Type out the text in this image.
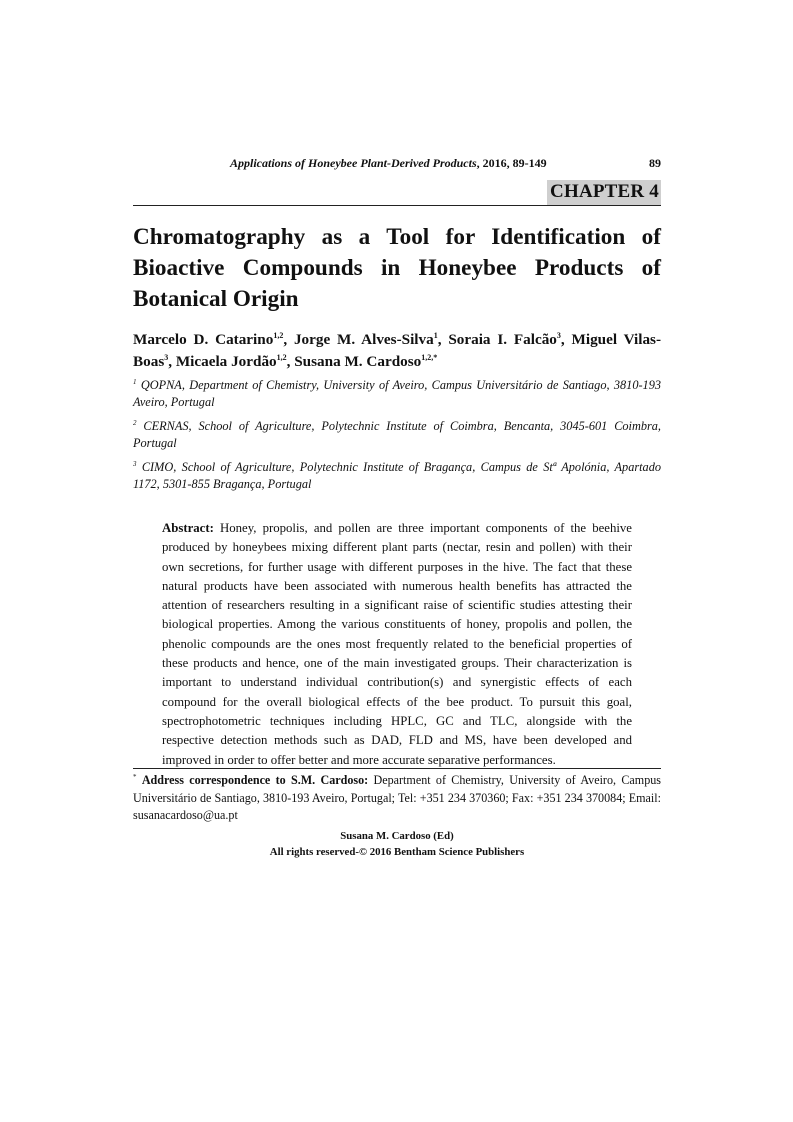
Applications of Honeybee Plant-Derived Products, 2016, 89-149	89
CHAPTER 4
Chromatography as a Tool for Identification of Bioactive Compounds in Honeybee Products of Botanical Origin
Marcelo D. Catarino$^{1,2}$, Jorge M. Alves-Silva$^1$, Soraia I. Falcão$^3$, Miguel Vilas-Boas$^3$, Micaela Jordão$^{1,2}$, Susana M. Cardoso$^{1,2,*}$
$^1$ QOPNA, Department of Chemistry, University of Aveiro, Campus Universitário de Santiago, 3810-193 Aveiro, Portugal
$^2$ CERNAS, School of Agriculture, Polytechnic Institute of Coimbra, Bencanta, 3045-601 Coimbra, Portugal
$^3$ CIMO, School of Agriculture, Polytechnic Institute of Bragança, Campus de Stª Apolónia, Apartado 1172, 5301-855 Bragança, Portugal
Abstract: Honey, propolis, and pollen are three important components of the beehive produced by honeybees mixing different plant parts (nectar, resin and pollen) with their own secretions, for further usage with different purposes in the hive. The fact that these natural products have been associated with numerous health benefits has attracted the attention of researchers resulting in a significant raise of scientific studies attesting their biological properties. Among the various constituents of honey, propolis and pollen, the phenolic compounds are the ones most frequently related to the beneficial properties of these products and hence, one of the main investigated groups. Their characterization is important to understand individual contribution(s) and synergistic effects of each compound for the overall biological effects of the bee product. To pursuit this goal, spectrophotometric techniques including HPLC, GC and TLC, alongside with the respective detection methods such as DAD, FLD and MS, have been developed and improved in order to offer better and more accurate separative performances.
* Address correspondence to S.M. Cardoso: Department of Chemistry, University of Aveiro, Campus Universitário de Santiago, 3810-193 Aveiro, Portugal; Tel: +351 234 370360; Fax: +351 234 370084; Email: susanacardoso@ua.pt
Susana M. Cardoso (Ed)
All rights reserved-© 2016 Bentham Science Publishers
